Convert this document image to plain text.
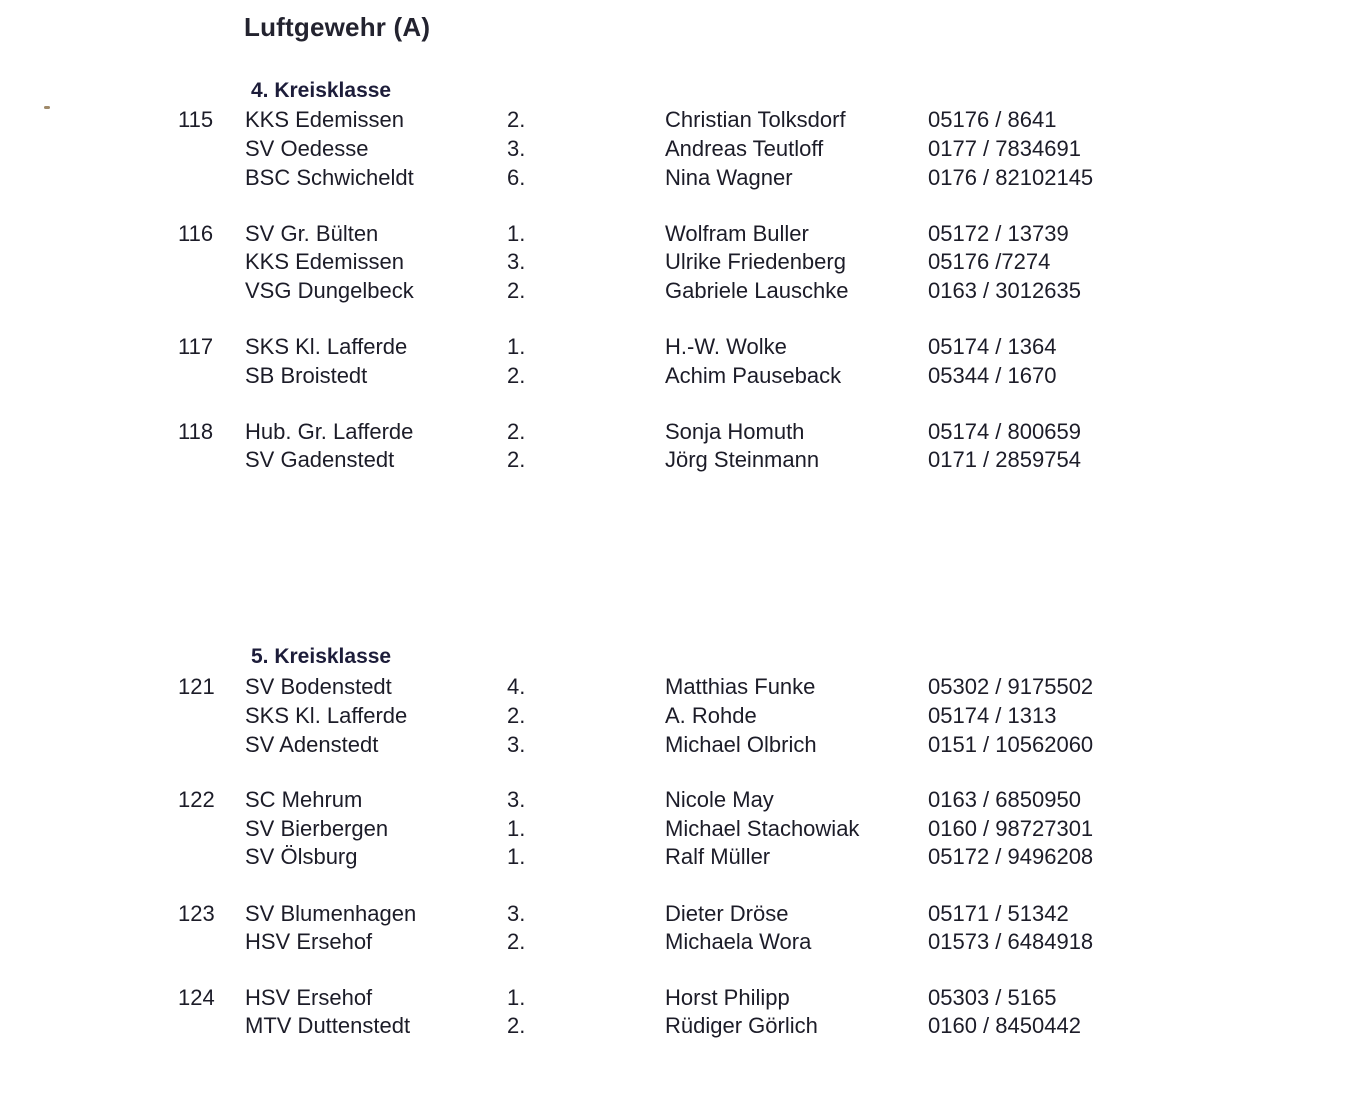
Luftgewehr (A)
4. Kreisklasse
5. Kreisklasse
115 KKS Edemissen	2.	Christian Tolksdorf	05176 / 8641
SV Oedesse	3.	Andreas Teutloff	0177 / 7834691
BSC Schwicheldt	6.	Nina Wagner	0176 / 82102145
116 SV Gr. Bülten	1.	Wolfram Buller	05172 / 13739
KKS Edemissen	3.	Ulrike Friedenberg	05176 /7274
VSG Dungelbeck	2.	Gabriele Lauschke	0163 / 3012635
117 SKS Kl. Lafferde	1.	H.-W. Wolke	05174 / 1364
SB Broistedt	2.	Achim Pauseback	05344 / 1670
118 Hub. Gr. Lafferde	2.	Sonja Homuth	05174 / 800659
SV Gadenstedt	2.	Jörg Steinmann	0171 / 2859754
121 SV Bodenstedt	4.	Matthias Funke	05302 / 9175502
SKS Kl. Lafferde	2.	A. Rohde	05174 / 1313
SV Adenstedt	3.	Michael Olbrich	0151 / 10562060
122 SC Mehrum	3.	Nicole May	0163 / 6850950
SV Bierbergen	1.	Michael Stachowiak	0160 / 98727301
SV Ölsburg	1.	Ralf Müller	05172 / 9496208
123 SV Blumenhagen	3.	Dieter Dröse	05171 / 51342
HSV Ersehof	2.	Michaela Wora	01573 / 6484918
124 HSV Ersehof	1.	Horst Philipp	05303 / 5165
MTV Duttenstedt	2.	Rüdiger Görlich	0160 / 8450442
